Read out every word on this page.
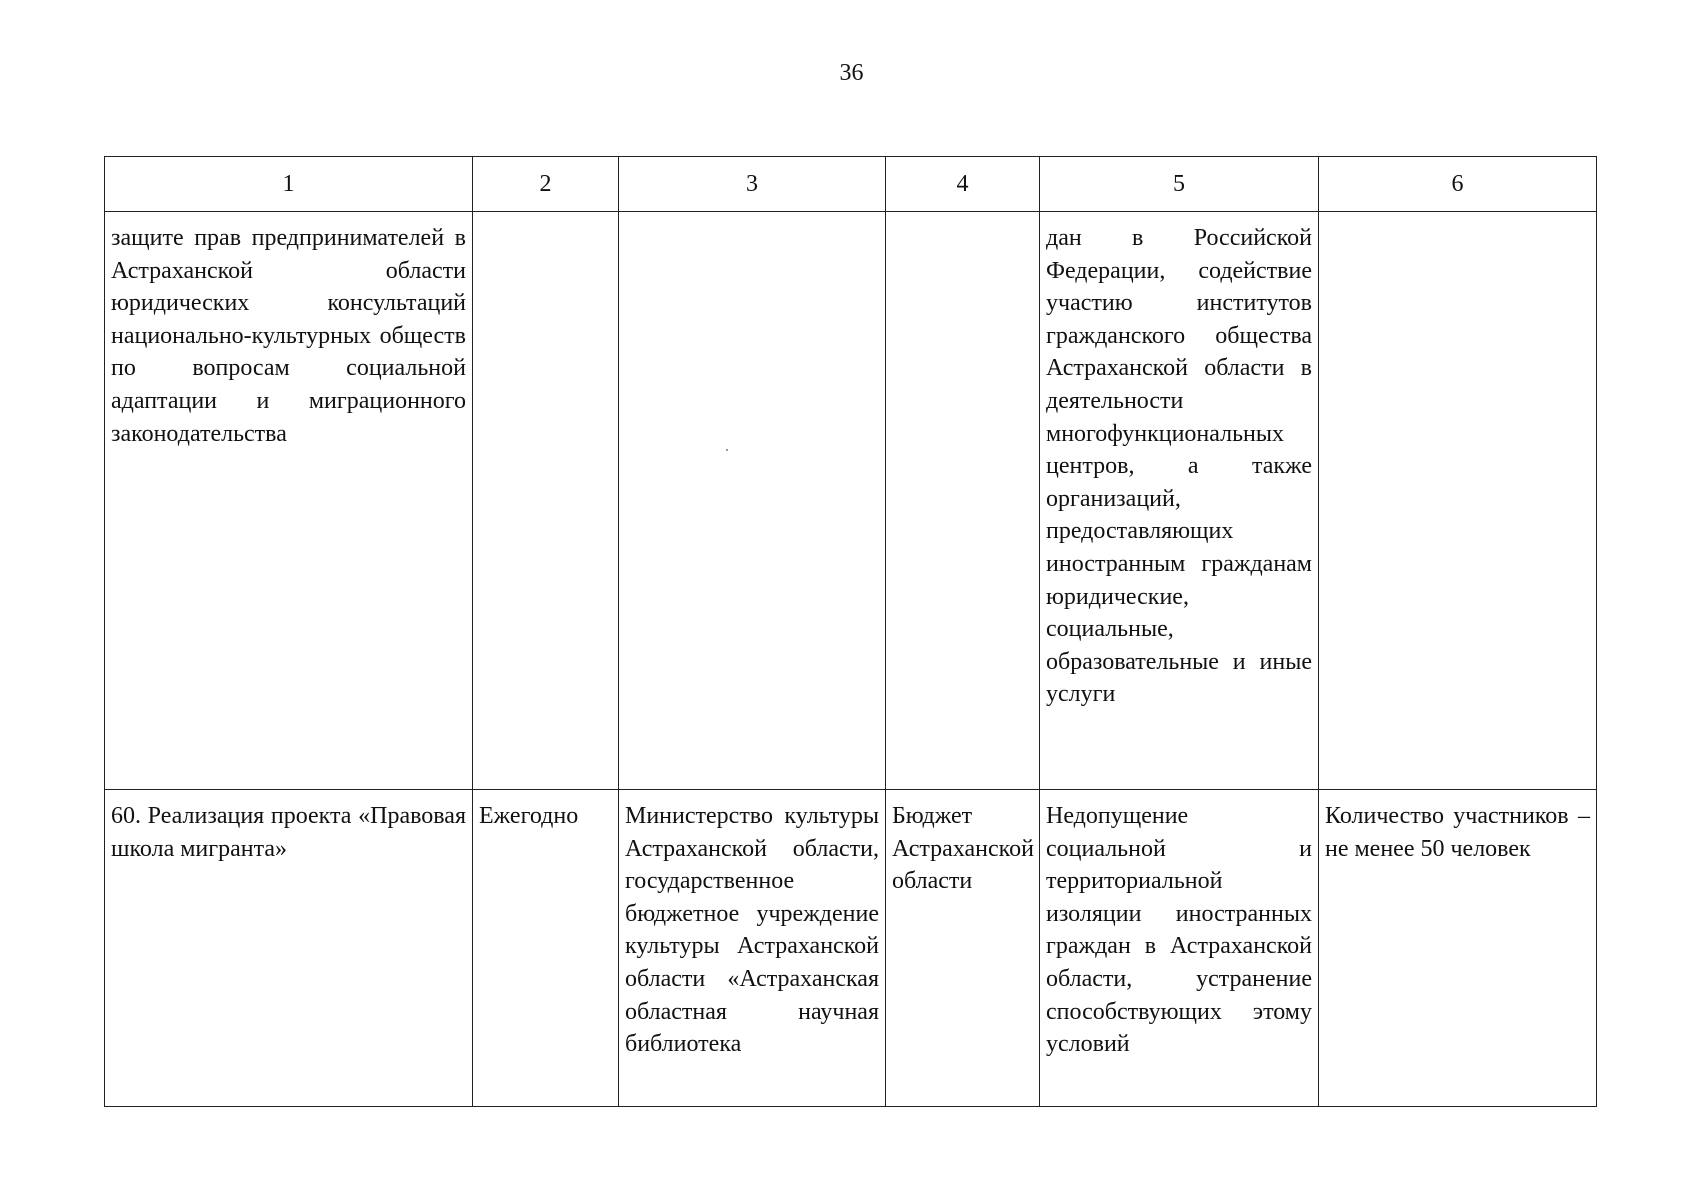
36
1	2	3	4	5	6
защите прав предприниматeлей в Астраханской области юридических консультаций национально-культурных обществ по вопросам социальной адаптации и миграционного законодательства				дан в Российской Федерации, содействие участию институтов гражданского общества Астраханской области в деятельности многофункциональных центров, а также организаций, предоставляющих иностранным гражданам юридические, социальные, образовательные и иные услуги	
60. Реализация проекта «Правовая школа мигранта»	Ежегодно	Министерство культуры Астраханской области, государственное бюджетное учреждение культуры Астраханской области «Астраханская областная научная библиотека	Бюджет Астраханской области	Недопущение социальной и территориальной изоляции иностранных граждан в Астраханской области, устранение способствующих этому условий	Количество участников – не менее 50 человек
